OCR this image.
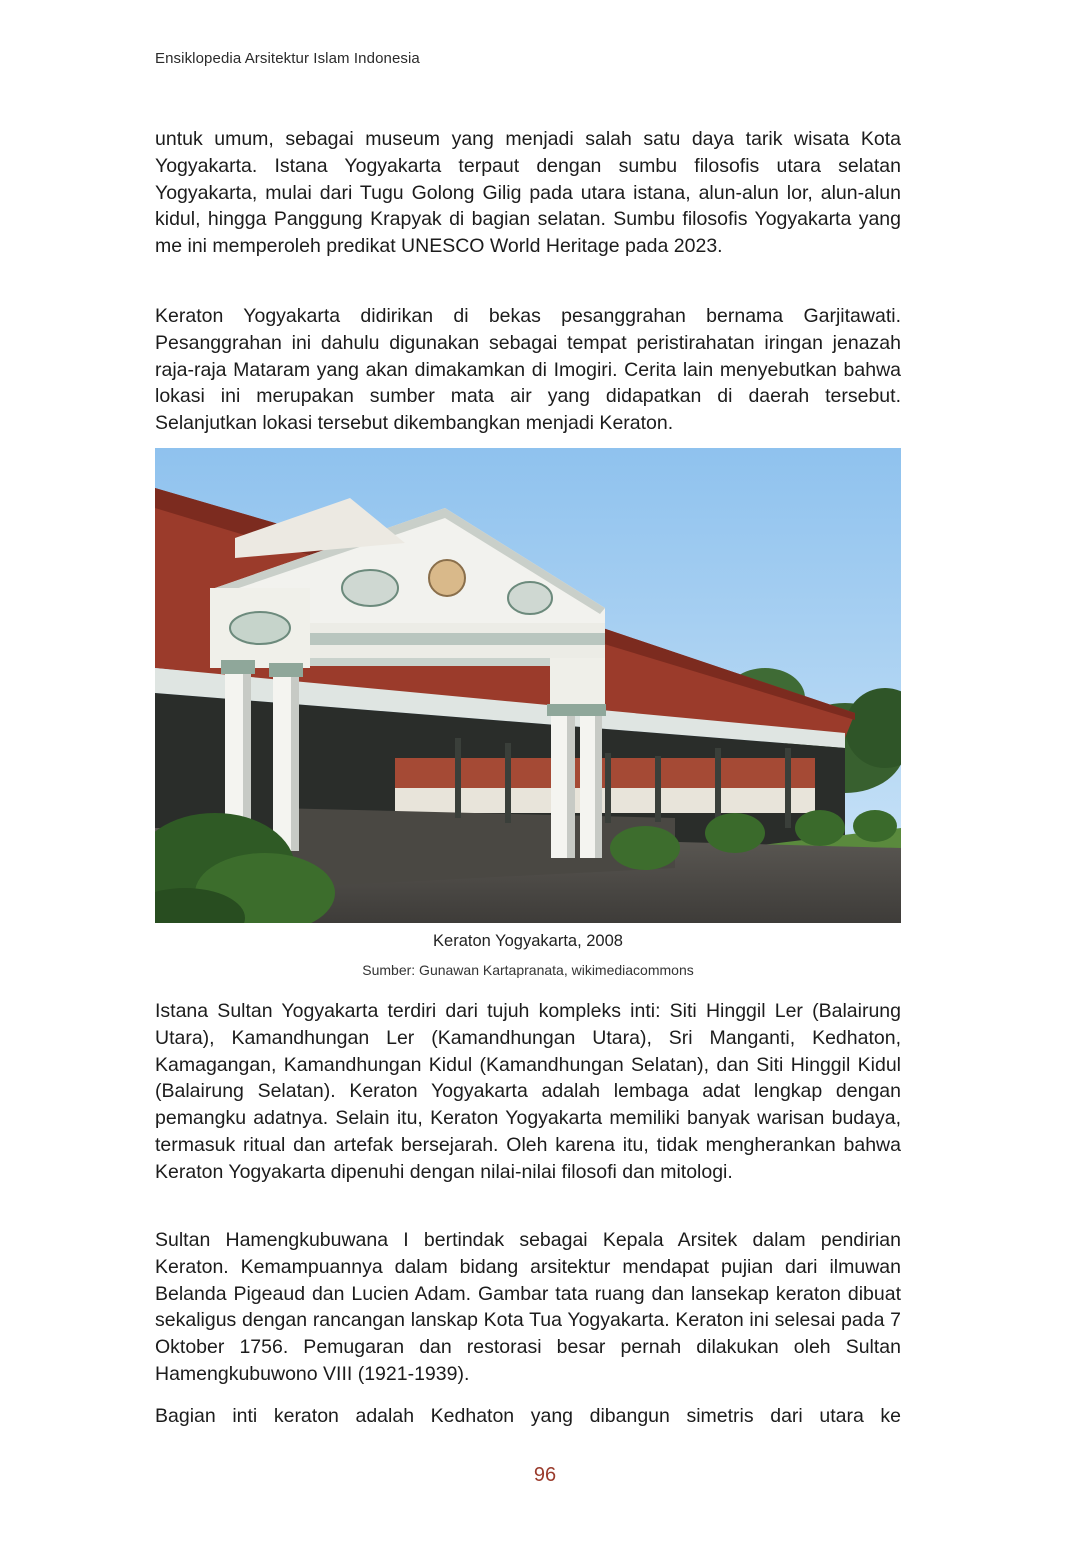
Ensiklopedia Arsitektur Islam Indonesia
untuk umum, sebagai museum yang menjadi salah satu daya tarik wisata Kota Yogyakarta. Istana Yogyakarta terpaut dengan sumbu filosofis utara selatan Yogyakarta, mulai dari Tugu Golong Gilig pada utara istana, alun-alun lor, alun-alun kidul, hingga Panggung Krapyak di bagian selatan. Sumbu filosofis Yogyakarta yang me ini memperoleh predikat UNESCO World Heritage pada 2023.
Keraton Yogyakarta didirikan di bekas pesanggrahan bernama Garjitawati. Pesanggrahan ini dahulu digunakan sebagai tempat peristirahatan iringan jenazah raja-raja Mataram yang akan dimakamkan di Imogiri. Cerita lain menyebutkan bahwa lokasi ini merupakan sumber mata air yang didapatkan di daerah tersebut. Selanjutkan lokasi tersebut dikembangkan menjadi Keraton.
Keraton Yogyakarta, 2008
Sumber: Gunawan Kartapranata, wikimediacommons
Istana Sultan Yogyakarta terdiri dari tujuh kompleks inti: Siti Hinggil Ler (Balairung Utara), Kamandhungan Ler (Kamandhungan Utara), Sri Manganti, Kedhaton, Kamagangan, Kamandhungan Kidul (Kamandhungan Selatan), dan Siti Hinggil Kidul (Balairung Selatan). Keraton Yogyakarta adalah lembaga adat lengkap dengan pemangku adatnya. Selain itu, Keraton Yogyakarta memiliki banyak warisan budaya, termasuk ritual dan artefak bersejarah. Oleh karena itu, tidak mengherankan bahwa Keraton Yogyakarta dipenuhi dengan nilai-nilai filosofi dan mitologi.
Sultan Hamengkubuwana I bertindak sebagai Kepala Arsitek dalam pendirian Keraton. Kemampuannya dalam bidang arsitektur mendapat pujian dari ilmuwan Belanda Pigeaud dan Lucien Adam. Gambar tata ruang dan lansekap keraton dibuat sekaligus dengan rancangan lanskap Kota Tua Yogyakarta. Keraton ini selesai pada 7 Oktober 1756. Pemugaran dan restorasi besar pernah dilakukan oleh Sultan Hamengkubuwono VIII (1921-1939).
Bagian inti keraton adalah Kedhaton yang dibangun simetris dari utara ke
96
